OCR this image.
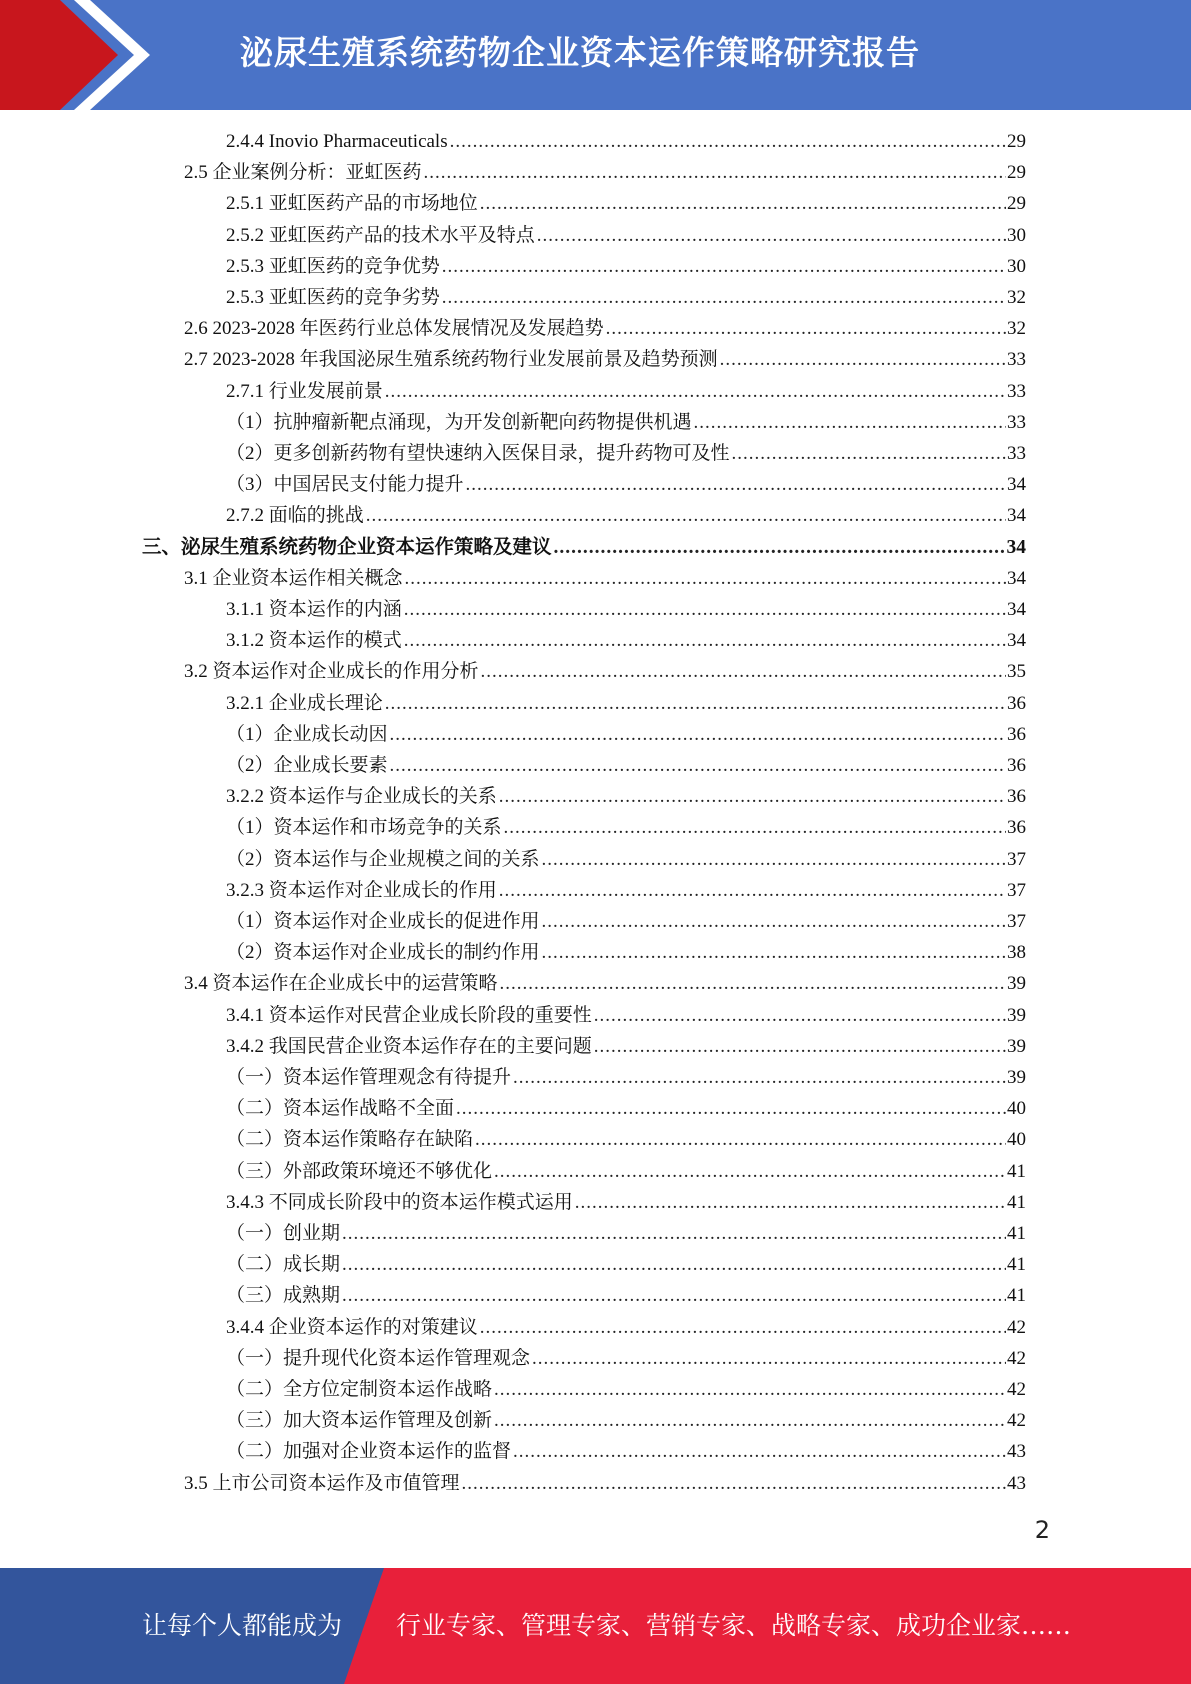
泌尿生殖系统药物企业资本运作策略研究报告
2.4.4 Inovio Pharmaceuticals .....	29
2.5 企业案例分析：亚虹医药 .....	29
2.5.1 亚虹医药产品的市场地位 .....	29
2.5.2 亚虹医药产品的技术水平及特点 .....	30
2.5.3 亚虹医药的竞争优势 .....	30
2.5.3 亚虹医药的竞争劣势 .....	32
2.6 2023-2028 年医药行业总体发展情况及发展趋势 .....	32
2.7 2023-2028 年我国泌尿生殖系统药物行业发展前景及趋势预测 .....	33
2.7.1 行业发展前景 .....	33
（1）抗肿瘤新靶点涌现，为开发创新靶向药物提供机遇 .....	33
（2）更多创新药物有望快速纳入医保目录，提升药物可及性 .....	33
（3）中国居民支付能力提升 .....	34
2.7.2 面临的挑战 .....	34
三、泌尿生殖系统药物企业资本运作策略及建议 .....	34
3.1 企业资本运作相关概念 .....	34
3.1.1 资本运作的内涵 .....	34
3.1.2 资本运作的模式 .....	34
3.2 资本运作对企业成长的作用分析 .....	35
3.2.1 企业成长理论 .....	36
（1）企业成长动因 .....	36
（2）企业成长要素 .....	36
3.2.2 资本运作与企业成长的关系 .....	36
（1）资本运作和市场竞争的关系 .....	36
（2）资本运作与企业规模之间的关系 .....	37
3.2.3 资本运作对企业成长的作用 .....	37
（1）资本运作对企业成长的促进作用 .....	37
（2）资本运作对企业成长的制约作用 .....	38
3.4 资本运作在企业成长中的运营策略 .....	39
3.4.1 资本运作对民营企业成长阶段的重要性 .....	39
3.4.2 我国民营企业资本运作存在的主要问题 .....	39
（一）资本运作管理观念有待提升 .....	39
（二）资本运作战略不全面 .....	40
（二）资本运作策略存在缺陷 .....	40
（三）外部政策环境还不够优化 .....	41
3.4.3 不同成长阶段中的资本运作模式运用 .....	41
（一）创业期 .....	41
（二）成长期 .....	41
（三）成熟期 .....	41
3.4.4 企业资本运作的对策建议 .....	42
（一）提升现代化资本运作管理观念 .....	42
（二）全方位定制资本运作战略 .....	42
（三）加大资本运作管理及创新 .....	42
（二）加强对企业资本运作的监督 .....	43
3.5 上市公司资本运作及市值管理 .....	43
2
让每个人都能成为 行业专家、管理专家、营销专家、战略专家、成功企业家……
